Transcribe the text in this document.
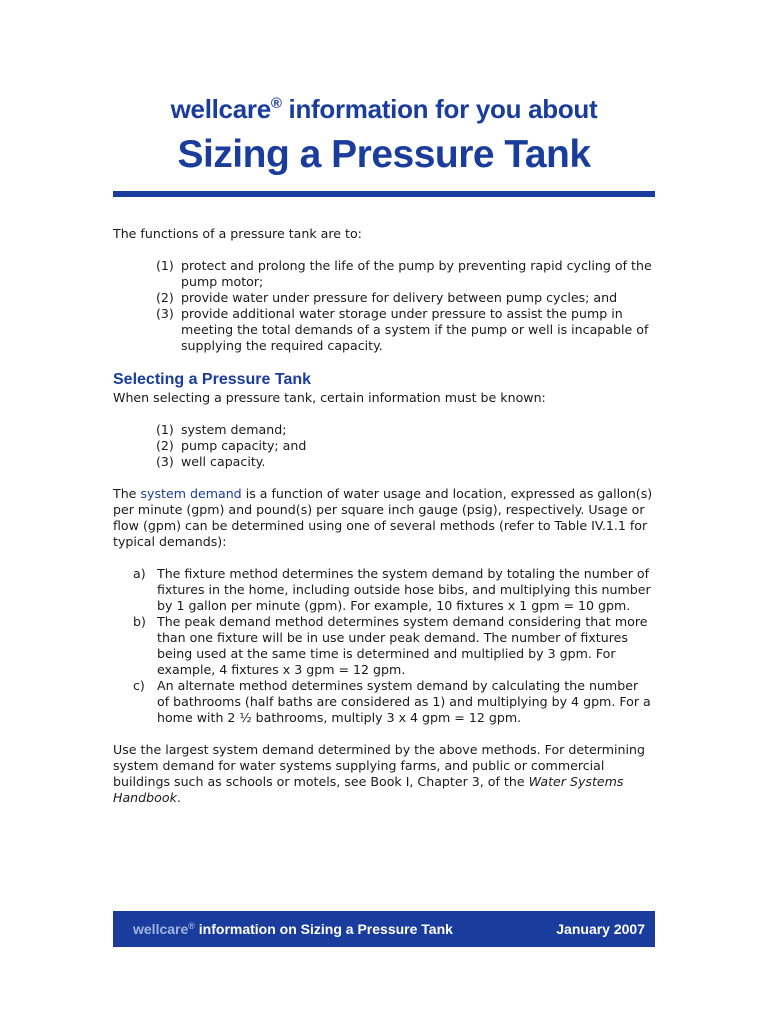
wellcare® information for you about
Sizing a Pressure Tank

The functions of a pressure tank are to:

(1) protect and prolong the life of the pump by preventing rapid cycling of the pump motor;
(2) provide water under pressure for delivery between pump cycles; and
(3) provide additional water storage under pressure to assist the pump in meeting the total demands of a system if the pump or well is incapable of supplying the required capacity.
Selecting a Pressure Tank

When selecting a pressure tank, certain information must be known:

(1) system demand;
(2) pump capacity; and
(3) well capacity.

The system demand is a function of water usage and location, expressed as gallon(s) per minute (gpm) and pound(s) per square inch gauge (psig), respectively. Usage or flow (gpm) can be determined using one of several methods (refer to Table IV.1.1 for typical demands):

a) The fixture method determines the system demand by totaling the number of fixtures in the home, including outside hose bibs, and multiplying this number by 1 gallon per minute (gpm). For example, 10 fixtures x 1 gpm = 10 gpm.
b) The peak demand method determines system demand considering that more than one fixture will be in use under peak demand. The number of fixtures being used at the same time is determined and multiplied by 3 gpm. For example, 4 fixtures x 3 gpm = 12 gpm.
c) An alternate method determines system demand by calculating the number of bathrooms (half baths are considered as 1) and multiplying by 4 gpm. For a home with 2 ½ bathrooms, multiply 3 x 4 gpm = 12 gpm.

Use the largest system demand determined by the above methods. For determining system demand for water systems supplying farms, and public or commercial buildings such as schools or motels, see Book I, Chapter 3, of the Water Systems Handbook.

wellcare® information on Sizing a Pressure Tank	January 2007
